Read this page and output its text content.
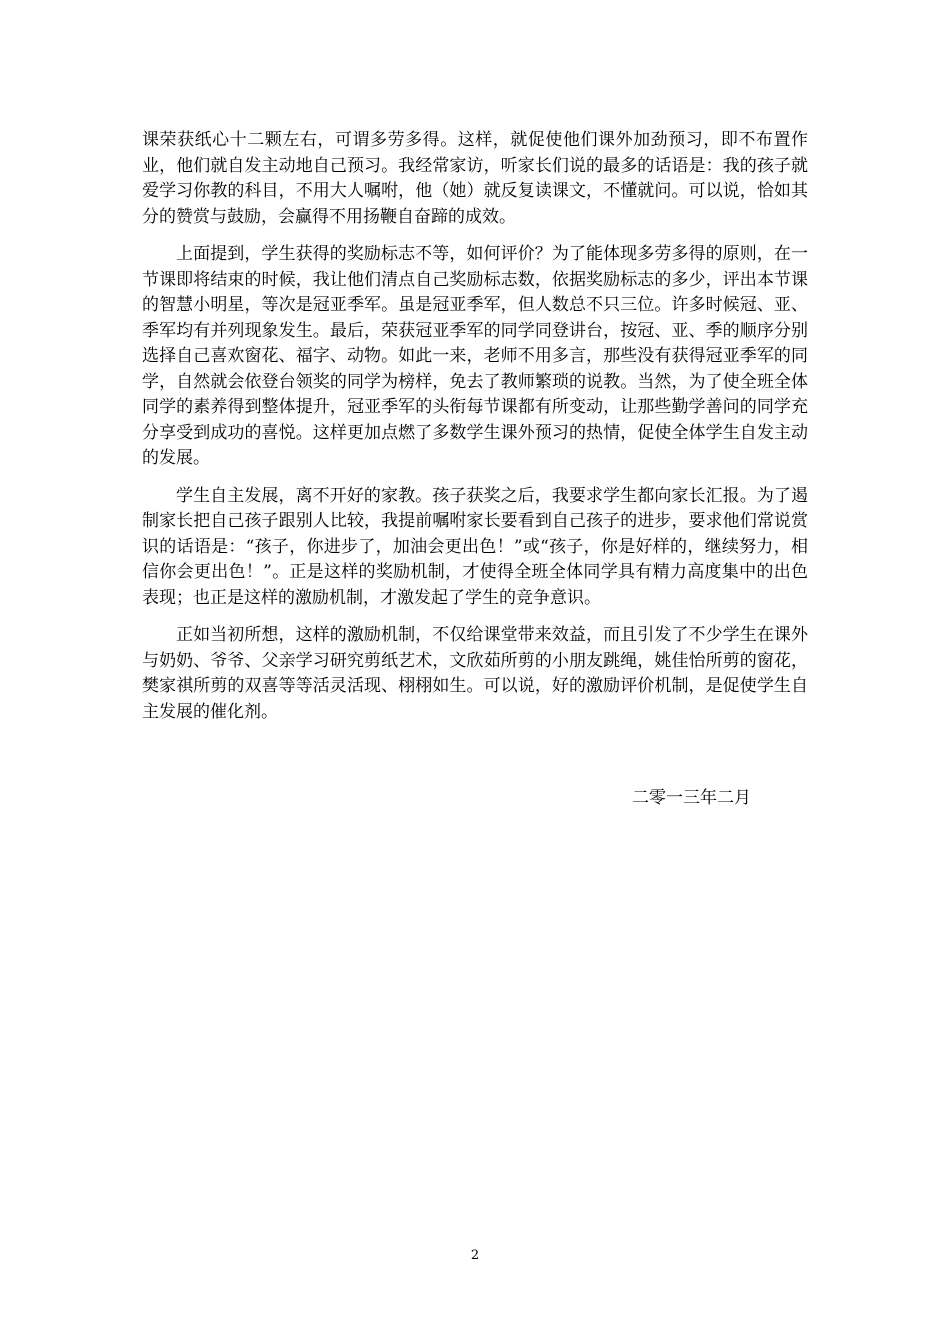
课荣获纸心十二颗左右，可谓多劳多得。这样，就促使他们课外加劲预习，即不布置作业，他们就自发主动地自己预习。我经常家访，听家长们说的最多的话语是：我的孩子就爱学习你教的科目，不用大人嘱咐，他（她）就反复读课文，不懂就问。可以说，恰如其分的赞赏与鼓励，会赢得不用扬鞭自奋蹄的成效。

上面提到，学生获得的奖励标志不等，如何评价？为了能体现多劳多得的原则，在一节课即将结束的时候，我让他们清点自己奖励标志数，依据奖励标志的多少，评出本节课的智慧小明星，等次是冠亚季军。虽是冠亚季军，但人数总不只三位。许多时候冠、亚、季军均有并列现象发生。最后，荣获冠亚季军的同学同登讲台，按冠、亚、季的顺序分别选择自己喜欢窗花、福字、动物。如此一来，老师不用多言，那些没有获得冠亚季军的同学，自然就会依登台领奖的同学为榜样，免去了教师繁琐的说教。当然，为了使全班全体同学的素养得到整体提升，冠亚季军的头衔每节课都有所变动，让那些勤学善问的同学充分享受到成功的喜悦。这样更加点燃了多数学生课外预习的热情，促使全体学生自发主动的发展。

学生自主发展，离不开好的家教。孩子获奖之后，我要求学生都向家长汇报。为了遏制家长把自己孩子跟别人比较，我提前嘱咐家长要看到自己孩子的进步，要求他们常说赏识的话语是：“孩子，你进步了，加油会更出色！”或“孩子，你是好样的，继续努力，相信你会更出色！”。正是这样的奖励机制，才使得全班全体同学具有精力高度集中的出色表现；也正是这样的激励机制，才激发起了学生的竞争意识。

正如当初所想，这样的激励机制，不仅给课堂带来效益，而且引发了不少学生在课外与奶奶、爷爷、父亲学习研究剪纸艺术，文欣茹所剪的小朋友跳绳，姚佳怡所剪的窗花，樊家祺所剪的双喜等等活灵活现、栩栩如生。可以说，好的激励评价机制，是促使学生自主发展的催化剂。

二零一三年二月
2
